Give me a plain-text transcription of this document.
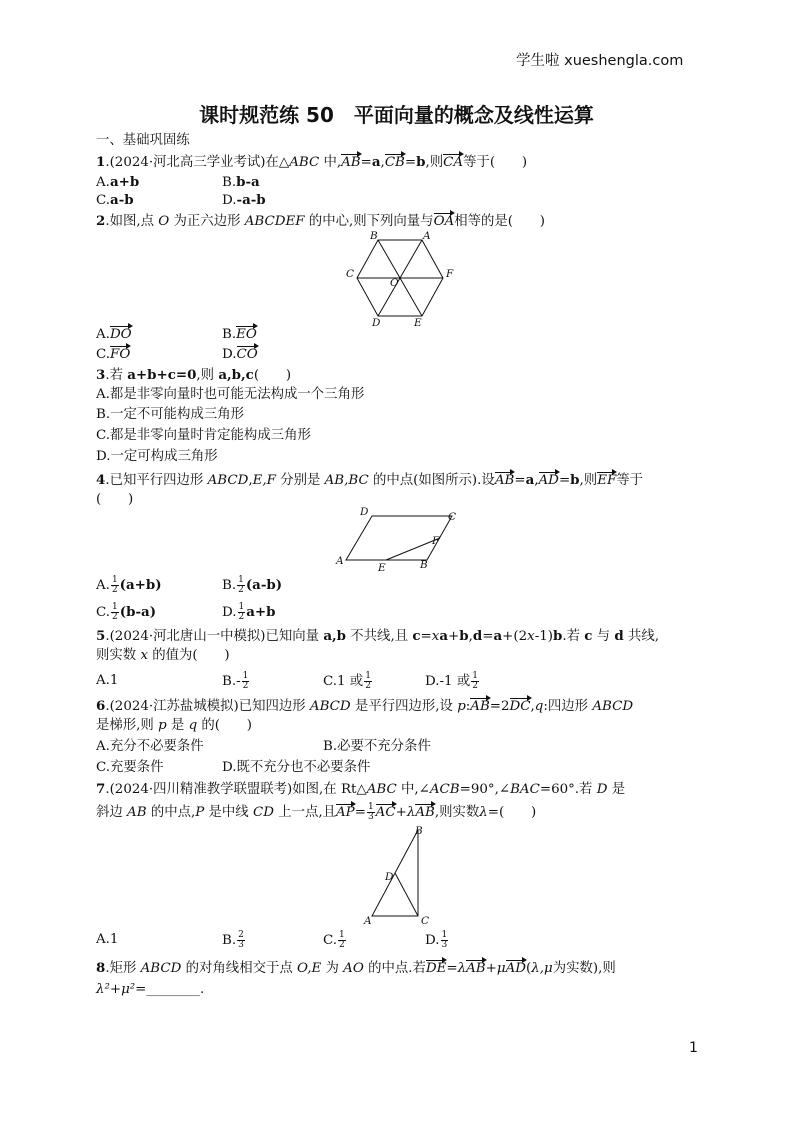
学生啦 xueshengla.com
课时规范练 50　平面向量的概念及线性运算
一、基础巩固练
1.(2024·河北高三学业考试)在△ABC 中,AB=a,CB=b,则CA等于(　　)
A.a+b	B.b-a
C.a-b	D.-a-b
2.如图,点 O 为正六边形 ABCDEF 的中心,则下列向量与OA相等的是(　　)
B	A
C	F
O
D	E
A.DO	B.EO
C.FO	D.CO
3.若 a+b+c=0,则 a,b,c(　　)
A.都是非零向量时也可能无法构成一个三角形
B.一定不可能构成三角形
C.都是非零向量时肯定能构成三角形
D.一定可构成三角形
4.已知平行四边形 ABCD,E,F 分别是 AB,BC 的中点(如图所示).设AB=a,AD=b,则EF等于
(　　)
D	C
F
A
E	B
A. $\frac{1}{2} (a+b)$	B. $\frac{1}{2} (a-b)$
C. $\frac{1}{2} (b-a)$	D. $\frac{1}{2} a+b$
5.(2024·河北唐山一中模拟)已知向量 a,b 不共线,且 c=xa+b,d=a+(2x-1)b.若 c 与 d 共线,
则实数 x 的值为(　　)
A.1	$B.- \frac{1}{2}$	C.1 或 $\frac{1}{2}$	D.-1 或 $\frac{1}{2}$
6.(2024·江苏盐城模拟)已知四边形 ABCD 是平行四边形,设 p:AB=2DC,q:四边形 ABCD
是梯形,则 p 是 q 的(　　)
A.充分不必要条件	B.必要不充分条件
C.充要条件	D.既不充分也不必要条件
7.(2024·四川精准教学联盟联考)如图,在 Rt△ABC 中,∠ACB=90°,∠BAC=60°.若 D 是
斜边 AB 的中点,P 是中线 CD 上一点,且$AP= \frac{1}{3} AC+\lambda AB$,则实数λ=(　　)
B
D
A	C
A.1	B. $\frac{2}{3}$	C. $\frac{1}{2}$	D. $\frac{1}{3}$
8.矩形 ABCD 的对角线相交于点 O,E 为 AO 的中点.若DE=λAB+μAD(λ,μ为实数),则
λ²+μ²=________.
1
